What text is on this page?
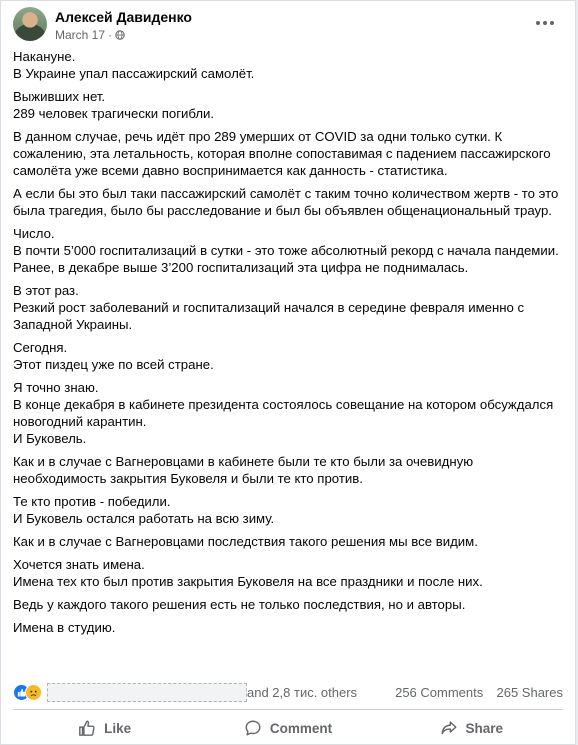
Алексей Давиденко
March 17 ·

Накануне.
В Украине упал пассажирский самолёт.

Выживших нет.
289 человек трагически погибли.

В данном случае, речь идёт про 289 умерших от COVID за одни только сутки. К сожалению, эта летальность, которая вполне сопоставимая с падением пассажирского самолёта уже всеми давно воспринимается как данность - статистика.

А если бы это был таки пассажирский самолёт с таким точно количеством жертв - то это была трагедия, было бы расследование и был бы объявлен общенациональный траур.

Число.
В почти 5’000 госпитализаций в сутки - это тоже абсолютный рекорд с начала пандемии. Ранее, в декабре выше 3’200 госпитализаций эта цифра не поднималась.

В этот раз.
Резкий рост заболеваний и госпитализаций начался в середине февраля именно с Западной Украины.

Сегодня.
Этот пиздец уже по всей стране.

Я точно знаю.
В конце декабря в кабинете президента состоялось совещание на котором обсуждался новогодний карантин.
И Буковель.

Как и в случае с Вагнеровцами в кабинете были те кто были за очевидную необходимость закрытия Буковеля и были те кто против.

Те кто против - победили.
И Буковель остался работать на всю зиму.

Как и в случае с Вагнеровцами последствия такого решения мы все видим.

Хочется знать имена.
Имена тех кто был против закрытия Буковеля на все праздники и после них.

Ведь у каждого такого решения есть не только последствия, но и авторы.

Имена в студию.

and 2,8 тис. others	256 Comments 265 Shares
Like	Comment	Share
